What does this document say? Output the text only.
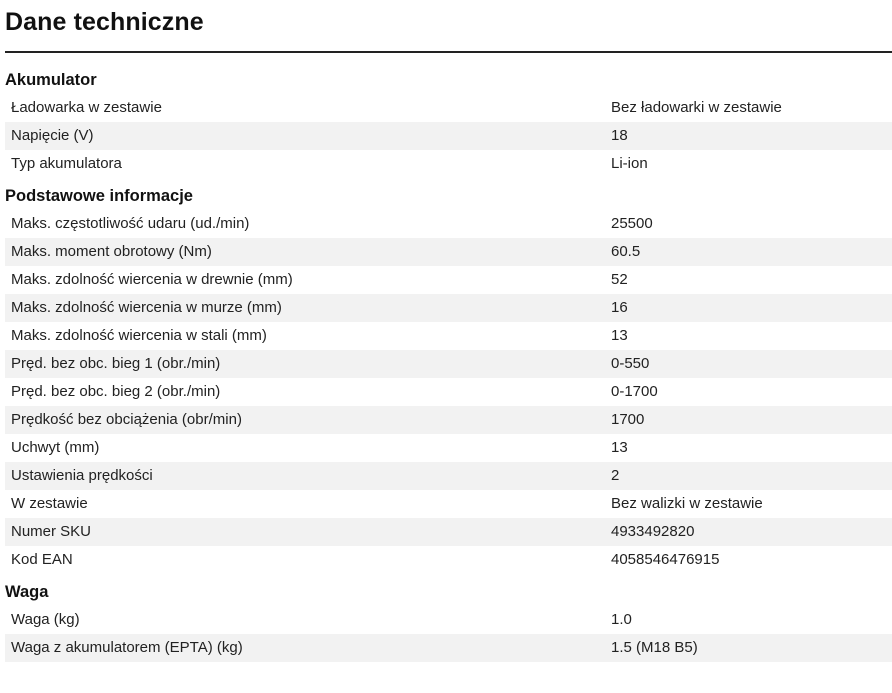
Dane techniczne
Akumulator
Ładowarka w zestawie	Bez ładowarki w zestawie
Napięcie (V)	18
Typ akumulatora	Li-ion
Podstawowe informacje
Maks. częstotliwość udaru (ud./min)	25500
Maks. moment obrotowy (Nm)	60.5
Maks. zdolność wiercenia w drewnie (mm)	52
Maks. zdolność wiercenia w murze (mm)	16
Maks. zdolność wiercenia w stali (mm)	13
Pręd. bez obc. bieg 1 (obr./min)	0-550
Pręd. bez obc. bieg 2 (obr./min)	0-1700
Prędkość bez obciążenia (obr/min)	1700
Uchwyt (mm)	13
Ustawienia prędkości	2
W zestawie	Bez walizki w zestawie
Numer SKU	4933492820
Kod EAN	4058546476915
Waga
Waga (kg)	1.0
Waga z akumulatorem (EPTA) (kg)	1.5 (M18 B5)
